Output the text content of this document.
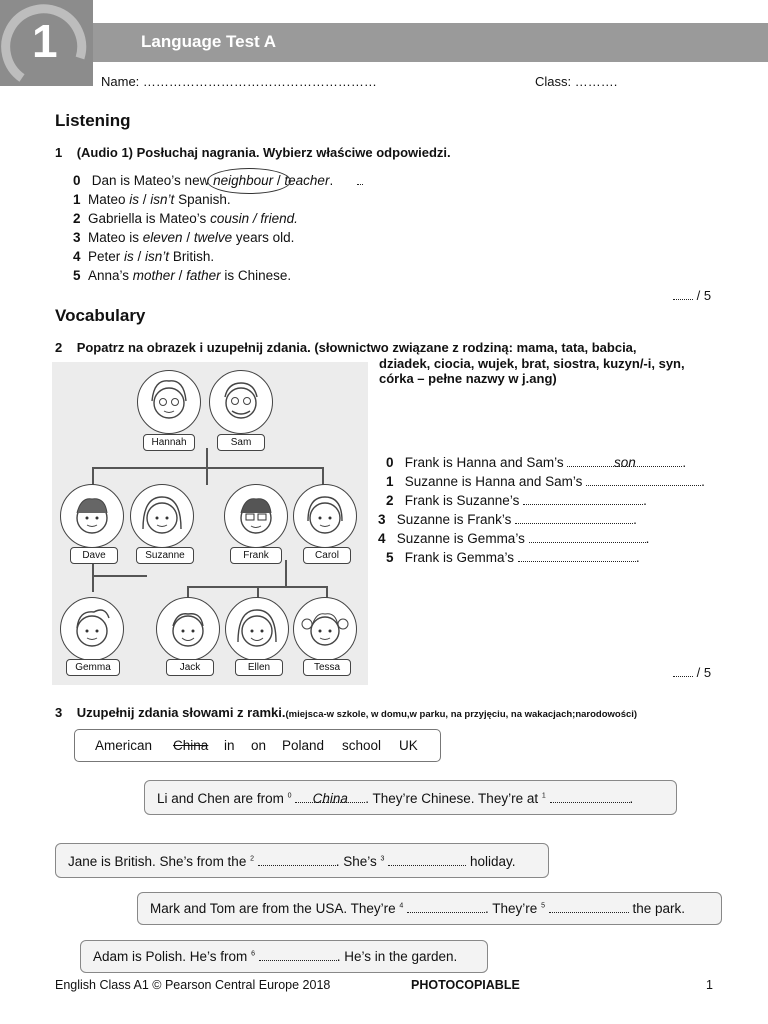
1	Language Test A
Name: ………………………………………………	Class: ……….
Listening
1 (Audio 1) Posłuchaj nagrania. Wybierz właściwe odpowiedzi.
0 Dan is Mateo’s new neighbour
/ teacher.
1 Mateo is / isn’t Spanish.
2 Gabriella is Mateo’s cousin / friend.
3 Mateo is eleven / twelve years old.
4 Peter is / isn’t British.
5 Anna’s mother / father is Chinese.
/ 5
Vocabulary
2 Popatrz na obrazek i uzupełnij zdania. (słownictwo związane z rodziną: mama, tata, babcia,
dziadek, ciocia, wujek, brat, siostra, kuzyn/-i, syn,
córka – pełne nazwy w j.ang)
Hannah	Sam
Dave	Suzanne	Frank	Carol
Gemma	Jack	Ellen	Tessa
0 Frank is Hanna and Sam’s	son	.
1 Suzanne is Hanna and Sam’s	.
2 Frank is Suzanne’s	.
3 Suzanne is Frank’s	.
4 Suzanne is Gemma’s	.
5 Frank is Gemma’s	.
/ 5
3 Uzupełnij zdania słowami z ramki.(miejsca-w szkole, w domu,w parku, na przyjęciu, na wakacjach;narodowości)
American China in on Poland school UK
Li and Chen are from $^0$ China . They’re Chinese. They’re at $^1$	.
Jane is British. She’s from the $^2$	. She’s $^3$	holiday.
Mark and Tom are from the USA. They’re $^4$	. They’re $^5$	the park.
Adam is Polish. He’s from $^6$	. He’s in the garden.
English Class A1 © Pearson Central Europe 2018	PHOTOCOPIABLE	1
